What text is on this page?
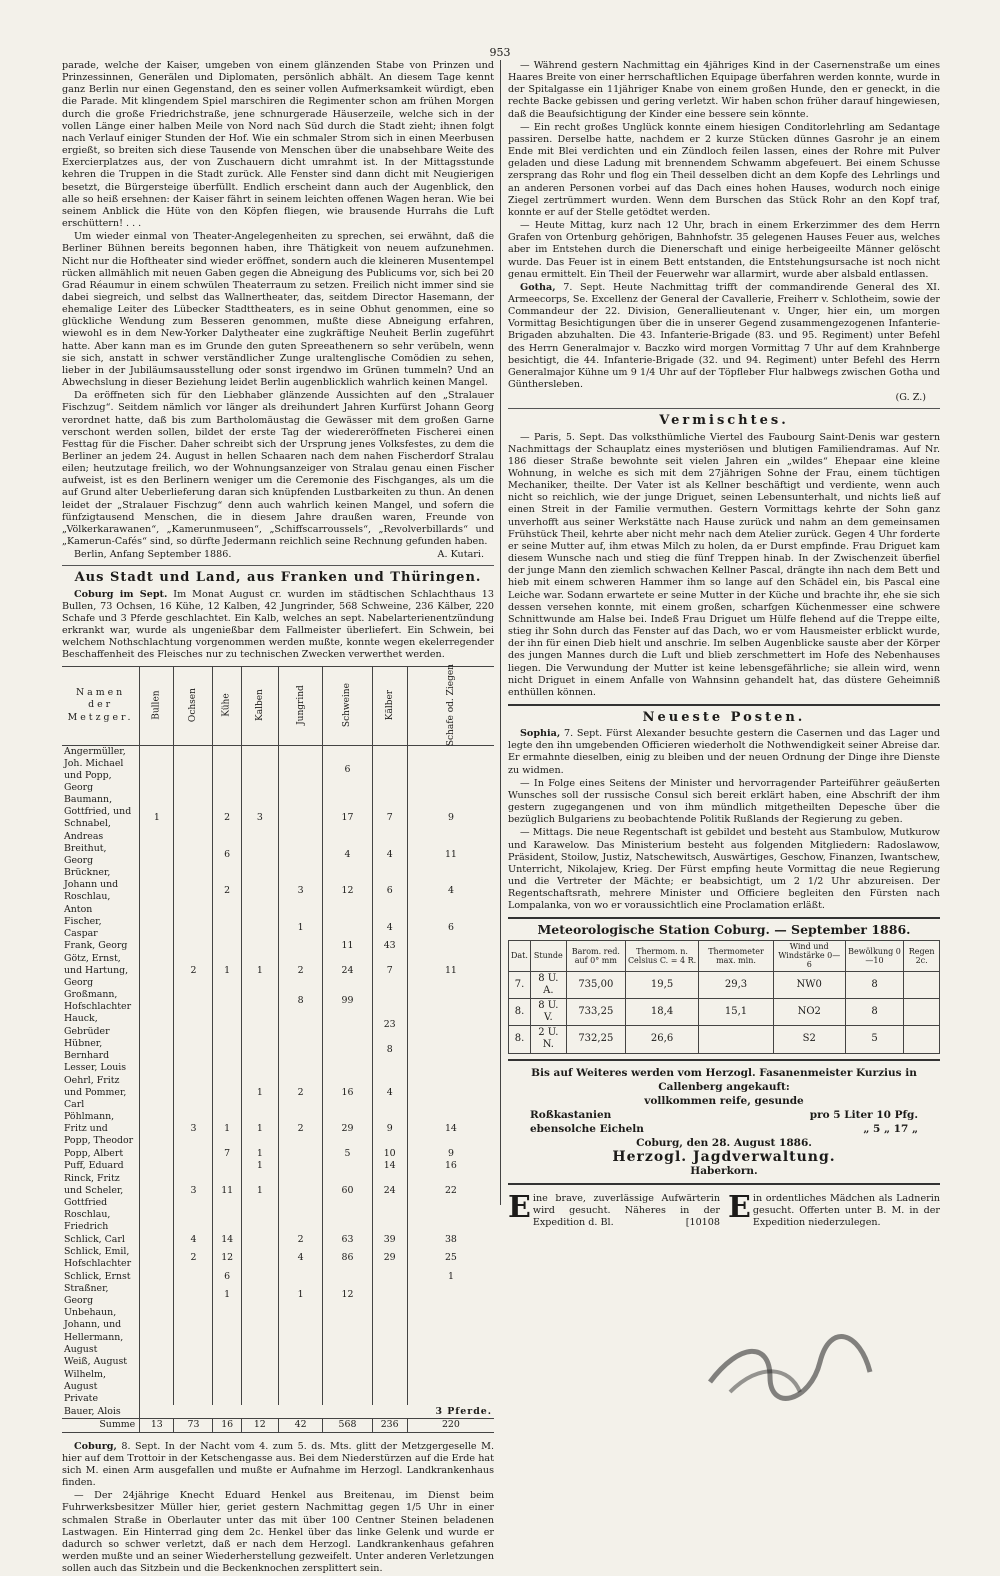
953

parade, welche der Kaiser, umgeben von einem glänzenden Stabe von Prinzen und Prinzessinnen, Generälen und Diplomaten, persönlich abhält. An diesem Tage kennt ganz Berlin nur einen Gegenstand, den es seiner vollen Aufmerksamkeit würdigt, eben die Parade. Mit klingendem Spiel marschiren die Regimenter schon am frühen Morgen durch die große Friedrichstraße, jene schnurgerade Häuserzeile, welche sich in der vollen Länge einer halben Meile von Nord nach Süd durch die Stadt zieht; ihnen folgt nach Verlauf einiger Stunden der Hof. Wie ein schmaler Strom sich in einen Meerbusen ergießt, so breiten sich diese Tausende von Menschen über die unabsehbare Weite des Exercierplatzes aus, der von Zuschauern dicht umrahmt ist. In der Mittagsstunde kehren die Truppen in die Stadt zurück. Alle Fenster sind dann dicht mit Neugierigen besetzt, die Bürgersteige überfüllt. Endlich erscheint dann auch der Augenblick, den alle so heiß ersehnen: der Kaiser fährt in seinem leichten offenen Wagen heran. Wie bei seinem Anblick die Hüte von den Köpfen fliegen, wie brausende Hurrahs die Luft erschüttern! . . .

Um wieder einmal von Theater-Angelegenheiten zu sprechen, sei erwähnt, daß die Berliner Bühnen bereits begonnen haben, ihre Thätigkeit von neuem aufzunehmen. Nicht nur die Hoftheater sind wieder eröffnet, sondern auch die kleineren Musentempel rücken allmählich mit neuen Gaben gegen die Abneigung des Publicums vor, sich bei 20 Grad Réaumur in einem schwülen Theaterraum zu setzen. Freilich nicht immer sind sie dabei siegreich, und selbst das Wallnertheater, das, seitdem Director Hasemann, der ehemalige Leiter des Lübecker Stadttheaters, es in seine Obhut genommen, eine so glückliche Wendung zum Besseren genommen, mußte diese Abneigung erfahren, wiewohl es in dem New-Yorker Dalytheater eine zugkräftige Neuheit Berlin zugeführt hatte. Aber kann man es im Grunde den guten Spreeathenern so sehr verübeln, wenn sie sich, anstatt in schwer verständlicher Zunge uraltenglische Comödien zu sehen, lieber in der Jubiläumsausstellung oder sonst irgendwo im Grünen tummeln? Und an Abwechslung in dieser Beziehung leidet Berlin augenblicklich wahrlich keinen Mangel.

Da eröffneten sich für den Liebhaber glänzende Aussichten auf den „Stralauer Fischzug“. Seitdem nämlich vor länger als dreihundert Jahren Kurfürst Johann Georg verordnet hatte, daß bis zum Bartholomäustag die Gewässer mit dem großen Garne verschont werden sollen, bildet der erste Tag der wiedereröffneten Fischerei einen Festtag für die Fischer. Daher schreibt sich der Ursprung jenes Volksfestes, zu dem die Berliner an jedem 24. August in hellen Schaaren nach dem nahen Fischerdorf Stralau eilen; heutzutage freilich, wo der Wohnungsanzeiger von Stralau genau einen Fischer aufweist, ist es den Berlinern weniger um die Ceremonie des Fischganges, als um die auf Grund alter Ueberlieferung daran sich knüpfenden Lustbarkeiten zu thun. An denen leidet der „Stralauer Fischzug“ denn auch wahrlich keinen Mangel, und sofern die fünfzigtausend Menschen, die in diesem Jahre draußen waren, Freunde von „Völkerkarawanen“, „Kamerunmuseen“, „Schiffscarroussels“, „Revolverbillards“ und „Kamerun-Cafés“ sind, so dürfte Jedermann reichlich seine Rechnung gefunden haben.

Berlin, Anfang September 1886.	A. Kutari.
Aus Stadt und Land, aus Franken und Thüringen.

Coburg im Sept. Im Monat August cr. wurden im städtischen Schlachthaus 13 Bullen, 73 Ochsen, 16 Kühe, 12 Kalben, 42 Jungrinder, 568 Schweine, 236 Kälber, 220 Schafe und 3 Pferde geschlachtet. Ein Kalb, welches an sept. Nabelarterienentzündung erkrankt war, wurde als ungenießbar dem Fallmeister überliefert. Ein Schwein, bei welchem Nothschlachtung vorgenommen werden mußte, konnte wegen ekelerregender Beschaffenheit des Fleisches nur zu technischen Zwecken verwerthet werden.

Namen der Metzger.	Bullen	Ochsen	Kühe	Kalben	Jungrind	Schweine	Kälber	Schafe od. Ziegen
Angermüller, Joh. Michael und Popp, Georg						6		
Baumann, Gottfried, und Schnabel, Andreas	1		2	3		17	7	9
Breithut, Georg			6			4	4	11
Brückner, Johann und Roschlau, Anton			2		3	12	6	4
Fischer, Caspar					1		4	6
Frank, Georg						11	43	
Götz, Ernst, und Hartung, Georg		2	1	1	2	24	7	11
Großmann, Hofschlachter					8	99		
Hauck, Gebrüder							23	
Hübner, Bernhard							8	
Lesser, Louis								
Oehrl, Fritz und Pommer, Carl				1	2	16	4	
Pöhlmann, Fritz und Popp, Theodor		3	1	1	2	29	9	14
Popp, Albert			7	1		5	10	9
Puff, Eduard				1			14	16
Rinck, Fritz und Scheler, Gottfried		3	11	1		60	24	22
Roschlau, Friedrich								
Schlick, Carl		4	14		2	63	39	38
Schlick, Emil, Hofschlachter		2	12		4	86	29	25
Schlick, Ernst			6					1
Straßner, Georg			1		1	12		
Unbehaun, Johann, und Hellermann, August								
Weiß, August								
Wilhelm, August								
Private								
Bauer, Alois	3 Pferde.							
Summe	13	73	16	12	42	568	236	220

Coburg, 8. Sept. In der Nacht vom 4. zum 5. ds. Mts. glitt der Metzgergeselle M. hier auf dem Trottoir in der Ketschengasse aus. Bei dem Niederstürzen auf die Erde hat sich M. einen Arm ausgefallen und mußte er Aufnahme im Herzogl. Landkrankenhaus finden.

— Der 24jährige Knecht Eduard Henkel aus Breitenau, im Dienst beim Fuhrwerksbesitzer Müller hier, geriet gestern Nachmittag gegen 1/5 Uhr in einer schmalen Straße in Oberlauter unter das mit über 100 Centner Steinen beladenen Lastwagen. Ein Hinterrad ging dem 2c. Henkel über das linke Gelenk und wurde er dadurch so schwer verletzt, daß er nach dem Herzogl. Landkrankenhaus gefahren werden mußte und an seiner Wiederherstellung gezweifelt. Unter anderen Verletzungen sollen auch das Sitzbein und die Beckenknochen zersplittert sein.

— Während gestern Nachmittag ein 4jähriges Kind in der Casernenstraße um eines Haares Breite von einer herrschaftlichen Equipage überfahren werden konnte, wurde in der Spitalgasse ein 11jähriger Knabe von einem großen Hunde, den er geneckt, in die rechte Backe gebissen und gering verletzt. Wir haben schon früher darauf hingewiesen, daß die Beaufsichtigung der Kinder eine bessere sein könnte.

— Ein recht großes Unglück konnte einem hiesigen Conditorlehrling am Sedantage passiren. Derselbe hatte, nachdem er 2 kurze Stücken dünnes Gasrohr je an einem Ende mit Blei verdichten und ein Zündloch feilen lassen, eines der Rohre mit Pulver geladen und diese Ladung mit brennendem Schwamm abgefeuert. Bei einem Schusse zersprang das Rohr und flog ein Theil desselben dicht an dem Kopfe des Lehrlings und an anderen Personen vorbei auf das Dach eines hohen Hauses, wodurch noch einige Ziegel zertrümmert wurden. Wenn dem Burschen das Stück Rohr an den Kopf traf, konnte er auf der Stelle getödtet werden.

— Heute Mittag, kurz nach 12 Uhr, brach in einem Erkerzimmer des dem Herrn Grafen von Ortenburg gehörigen, Bahnhofstr. 35 gelegenen Hauses Feuer aus, welches aber im Entstehen durch die Dienerschaft und einige herbeigeeilte Männer gelöscht wurde. Das Feuer ist in einem Bett entstanden, die Entstehungsursache ist noch nicht genau ermittelt. Ein Theil der Feuerwehr war allarmirt, wurde aber alsbald entlassen.

Gotha, 7. Sept. Heute Nachmittag trifft der commandirende General des XI. Armeecorps, Se. Excellenz der General der Cavallerie, Freiherr v. Schlotheim, sowie der Commandeur der 22. Division, Generallieutenant v. Unger, hier ein, um morgen Vormittag Besichtigungen über die in unserer Gegend zusammengezogenen Infanterie-Brigaden abzuhalten. Die 43. Infanterie-Brigade (83. und 95. Regiment) unter Befehl des Herrn Generalmajor v. Baczko wird morgen Vormittag 7 Uhr auf dem Krahnberge besichtigt, die 44. Infanterie-Brigade (32. und 94. Regiment) unter Befehl des Herrn Generalmajor Kühne um 9 1/4 Uhr auf der Töpfleber Flur halbwegs zwischen Gotha und Günthersleben.

(G. Z.)
Vermischtes.

— Paris, 5. Sept. Das volksthümliche Viertel des Faubourg Saint-Denis war gestern Nachmittags der Schauplatz eines mysteriösen und blutigen Familiendramas. Auf Nr. 186 dieser Straße bewohnte seit vielen Jahren ein „wildes“ Ehepaar eine kleine Wohnung, in welche es sich mit dem 27jährigen Sohne der Frau, einem tüchtigen Mechaniker, theilte. Der Vater ist als Kellner beschäftigt und verdiente, wenn auch nicht so reichlich, wie der junge Driguet, seinen Lebensunterhalt, und nichts ließ auf einen Streit in der Familie vermuthen. Gestern Vormittags kehrte der Sohn ganz unverhofft aus seiner Werkstätte nach Hause zurück und nahm an dem gemeinsamen Frühstück Theil, kehrte aber nicht mehr nach dem Atelier zurück. Gegen 4 Uhr forderte er seine Mutter auf, ihm etwas Milch zu holen, da er Durst empfinde. Frau Driguet kam diesem Wunsche nach und stieg die fünf Treppen hinab. In der Zwischenzeit überfiel der junge Mann den ziemlich schwachen Kellner Pascal, drängte ihn nach dem Bett und hieb mit einem schweren Hammer ihm so lange auf den Schädel ein, bis Pascal eine Leiche war. Sodann erwartete er seine Mutter in der Küche und brachte ihr, ehe sie sich dessen versehen konnte, mit einem großen, scharfgen Küchenmesser eine schwere Schnittwunde am Halse bei. Indeß Frau Driguet um Hülfe flehend auf die Treppe eilte, stieg ihr Sohn durch das Fenster auf das Dach, wo er vom Hausmeister erblickt wurde, der ihn für einen Dieb hielt und anschrie. Im selben Augenblicke sauste aber der Körper des jungen Mannes durch die Luft und blieb zerschmettert im Hofe des Nebenhauses liegen. Die Verwundung der Mutter ist keine lebensgefährliche; sie allein wird, wenn nicht Driguet in einem Anfalle von Wahnsinn gehandelt hat, das düstere Geheimniß enthüllen können.

Neueste Posten.

Sophia, 7. Sept. Fürst Alexander besuchte gestern die Casernen und das Lager und legte den ihn umgebenden Officieren wiederholt die Nothwendigkeit seiner Abreise dar. Er ermahnte dieselben, einig zu bleiben und der neuen Ordnung der Dinge ihre Dienste zu widmen.

— In Folge eines Seitens der Minister und hervorragender Parteiführer geäußerten Wunsches soll der russische Consul sich bereit erklärt haben, eine Abschrift der ihm gestern zugegangenen und von ihm mündlich mitgetheilten Depesche über die bezüglich Bulgariens zu beobachtende Politik Rußlands der Regierung zu geben.

— Mittags. Die neue Regentschaft ist gebildet und besteht aus Stambulow, Mutkurow und Karawelow. Das Ministerium besteht aus folgenden Mitgliedern: Radoslawow, Präsident, Stoilow, Justiz, Natschewitsch, Auswärtiges, Geschow, Finanzen, Iwantschew, Unterricht, Nikolajew, Krieg. Der Fürst empfing heute Vormittag die neue Regierung und die Vertreter der Mächte; er beabsichtigt, um 2 1/2 Uhr abzureisen. Der Regentschaftsrath, mehrere Minister und Officiere begleiten den Fürsten nach Lompalanka, von wo er voraussichtlich eine Proclamation erläßt.

Meteorologische Station Coburg. — September 1886.
Dat.	Stunde	Barom. red. auf 0° mm	Thermom. n. Celsius C. = 4 R.	Thermometer max. min.	Wind und Windstärke 0—6	Bewölkung 0—10	Regen 2c.
7.	8 U. A.	735,00	19,5	29,3	NW0	8	
8.	8 U. V.	733,25	18,4	15,1	NO2	8	
8.	2 U. N.	732,25	26,6		S2	5	
Bis auf Weiteres werden vom Herzogl. Fasanenmeister Kurzius in Callenberg angekauft:
vollkommen reife, gesunde
Roßkastanien	pro 5 Liter 10 Pfg.
ebensolche Eicheln	„ 5 „ 17 „
Coburg, den 28. August 1886.
Herzogl. Jagdverwaltung.
Haberkorn.
Eine brave, zuverlässige Aufwärterin wird gesucht. Näheres in der Expedition d. Bl.	[10108 Ein ordentliches Mädchen als Ladnerin gesucht. Offerten unter B. M. in der Expedition niederzulegen.
